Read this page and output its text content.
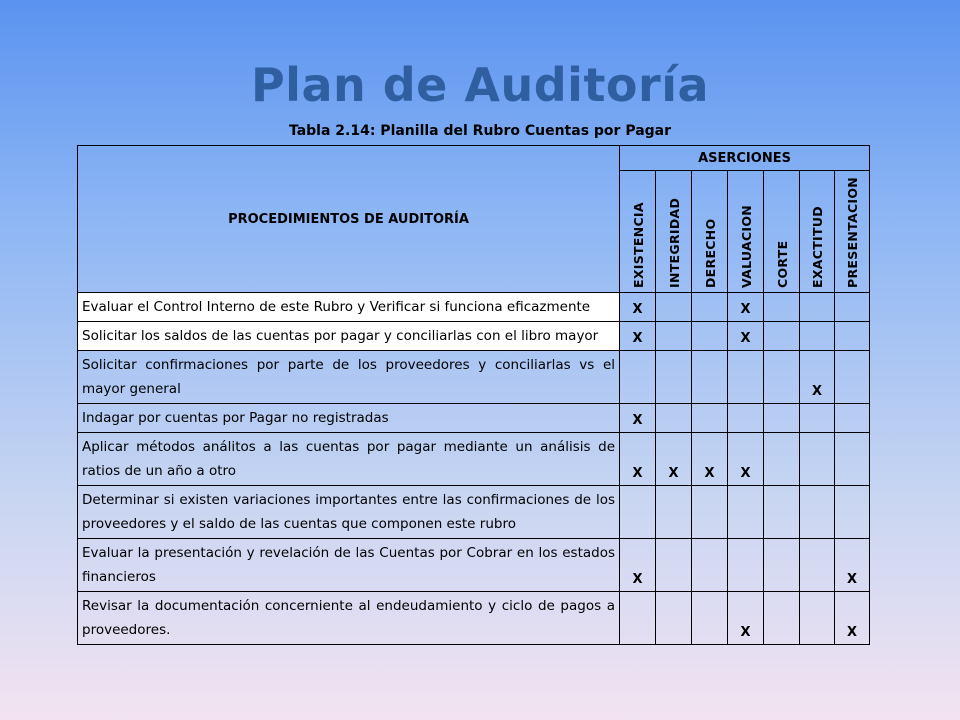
Plan de Auditoría
Tabla 2.14: Planilla del Rubro Cuentas por Pagar
PROCEDIMIENTOS DE AUDITORÍA	ASERCIONES						

	EXISTENCIA	INTEGRIDAD	DERECHO	VALUACION	CORTE	EXACTITUD	PRESENTACION

Evaluar el Control Interno de este Rubro y Verificar si funciona eficazmente	X			X			
Solicitar los saldos de las cuentas por pagar y conciliarlas con el libro mayor	X			X			
Solicitar confirmaciones por parte de los proveedores y conciliarlas vs el mayor general						X	
Indagar por cuentas por Pagar no registradas	X						
Aplicar métodos análitos a las cuentas por pagar mediante un análisis de ratios de un año a otro	X	X	X	X			
Determinar si existen variaciones importantes entre las confirmaciones de los proveedores y el saldo de las cuentas que componen este rubro							
Evaluar la presentación y revelación de las Cuentas por Cobrar en los estados financieros	X						X
Revisar la documentación concerniente al endeudamiento y ciclo de pagos a proveedores.				X			X
